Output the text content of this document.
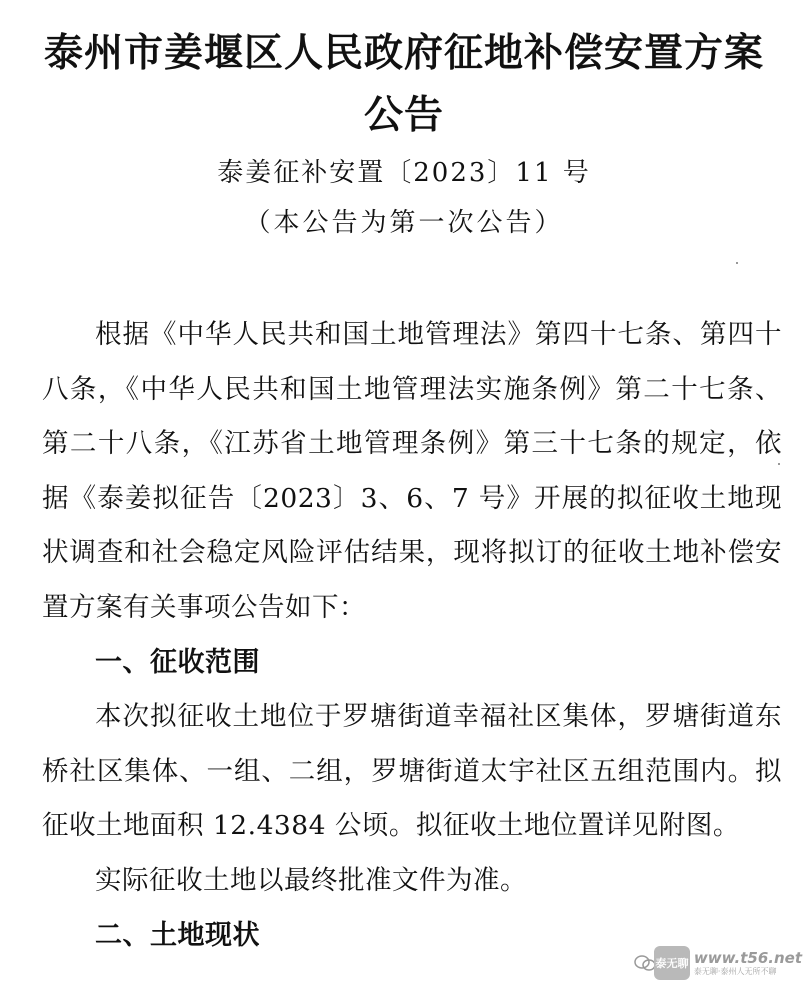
泰州市姜堰区人民政府征地补偿安置方案
公告
泰姜征补安置〔2023〕11 号
（本公告为第一次公告）

根据《中华人民共和国土地管理法》第四十七条、第四十八条，《中华人民共和国土地管理法实施条例》第二十七条、第二十八条，《江苏省土地管理条例》第三十七条的规定，依据《泰姜拟征告〔2023〕3、6、7 号》开展的拟征收土地现状调查和社会稳定风险评估结果，现将拟订的征收土地补偿安置方案有关事项公告如下：

一、征收范围

本次拟征收土地位于罗塘街道幸福社区集体，罗塘街道东桥社区集体、一组、二组，罗塘街道太宇社区五组范围内。拟征收土地面积 12.4384 公顷。拟征收土地位置详见附图。

实际征收土地以最终批准文件为准。

二、土地现状
泰无聊 www.t56.net
泰无聊·泰州人无所不聊
